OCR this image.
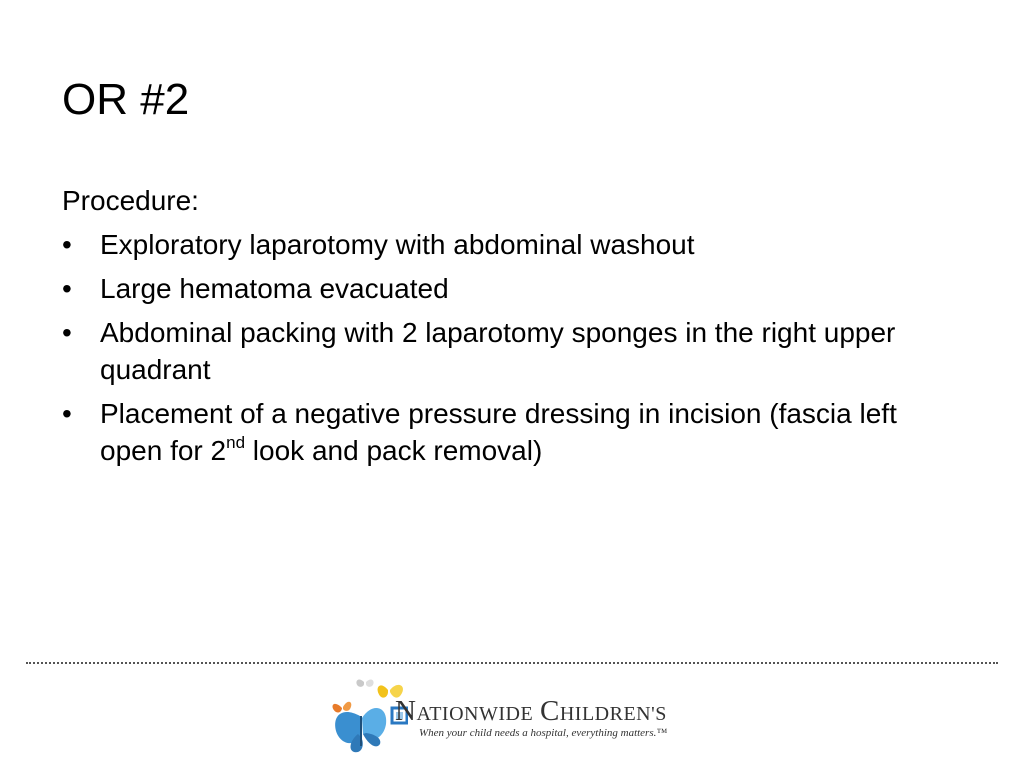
OR #2
Procedure:
• Exploratory laparotomy with abdominal washout
• Large hematoma evacuated
• Abdominal packing with 2 laparotomy sponges in the right upper quadrant
• Placement of a negative pressure dressing in incision (fascia left open for 2nd look and pack removal)
NATIONWIDE CHILDREN'S
When your child needs a hospital, everything matters.™
